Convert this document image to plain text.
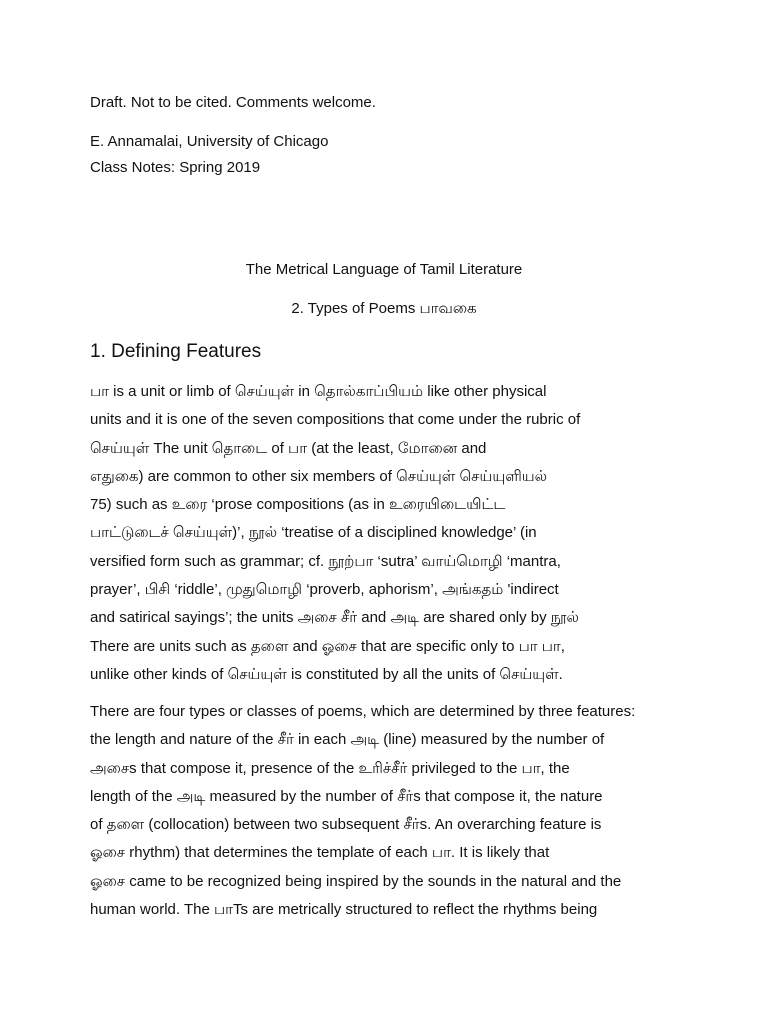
Draft. Not to be cited. Comments welcome.
E. Annamalai, University of Chicago
Class Notes: Spring 2019
The Metrical Language of Tamil Literature
2. Types of Poems பாவகை
1. Defining Features

பா is a unit or limb of செய்யுள் in தொல்காப்பியம் like other physical

units and it is one of the seven compositions that come under the rubric of

செய்யுள் The unit தொடை of பா (at the least, மோனை and

எதுகை) are common to other six members of செய்யுள் செய்யுளியல்

75) such as உரை ‘prose compositions (as in உரையிடையிட்ட

பாட்டுடைச் செய்யுள்)’, நூல் ‘treatise of a disciplined knowledge’ (in

versified form such as grammar; cf. நூற்பா ‘sutra’ வாய்மொழி ‘mantra,

prayer’, பிசி ‘riddle’, முதுமொழி ‘proverb, aphorism’, அங்கதம் 'indirect

and satirical sayings’; the units அசை சீர் and அடி are shared only by நூல்

There are units such as தளை and ஓசை that are specific only to பா பா,

unlike other kinds of செய்யுள் is constituted by all the units of செய்யுள்.

There are four types or classes of poems, which are determined by three features:

the length and nature of the சீர் in each அடி (line) measured by the number of

அசைs that compose it, presence of the உரிச்சீர் privileged to the பா, the

length of the அடி measured by the number of சீர்s that compose it, the nature

of தளை (collocation) between two subsequent சீர்s. An overarching feature is

ஓசை rhythm) that determines the template of each பா. It is likely that

ஓசை came to be recognized being inspired by the sounds in the natural and the

human world. The பாTs are metrically structured to reflect the rhythms being
